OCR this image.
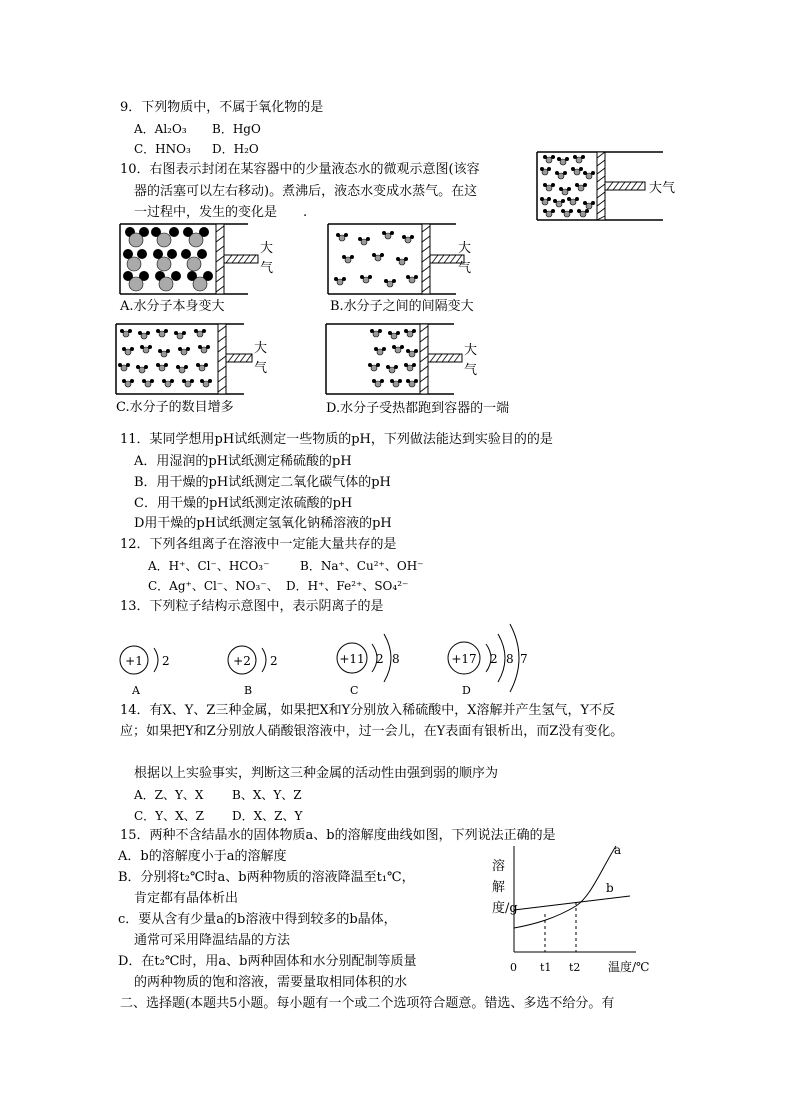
9．下列物质中，不属于氧化物的是
A．Al₂O₃ B．HgO
C．HNO₃ D．H₂O
10．右图表示封闭在某容器中的少量液态水的微观示意图(该容
器的活塞可以左右移动)。煮沸后，液态水变成水蒸气。在这
一过程中，发生的变化是　　.
大气
大
气
A.水分子本身变大
大
气
B.水分子之间的间隔变大
大
气
C.水分子的数目增多
大
气
D.水分子受热都跑到容器的一端
11．某同学想用pH试纸测定一些物质的pH，下列做法能达到实验目的的是
A．用湿润的pH试纸测定稀硫酸的pH
B．用干燥的pH试纸测定二氧化碳气体的pH
C．用干燥的pH试纸测定浓硫酸的pH
D用干燥的pH试纸测定氢氧化钠稀溶液的pH
12．下列各组离子在溶液中一定能大量共存的是
A．H⁺、Cl⁻、HCO₃⁻	B．Na⁺、Cu²⁺、OH⁻
C．Ag⁺、Cl⁻、NO₃⁻、 D．H⁺、Fe²⁺、SO₄²⁻
13．下列粒子结构示意图中，表示阴离子的是
+1 2
A
+2 2
B
+11 2 8
C
+17 2 8 7
D
14．有X、Y、Z三种金属，如果把X和Y分别放入稀硫酸中，X溶解并产生氢气，Y不反
应；如果把Y和Z分别放人硝酸银溶液中，过一会儿，在Y表面有银析出，而Z没有变化。
根据以上实验事实，判断这三种金属的活动性由强到弱的顺序为
A．Z、Y、X B、X、Y、Z
C．Y、X、Z D．X、Z、Y
15．两种不含结晶水的固体物质a、b的溶解度曲线如图，下列说法正确的是
A．b的溶解度小于a的溶解度
B．分别将t₂℃时a、b两种物质的溶液降温至t₁℃，
肯定都有晶体析出
c．要从含有少量a的b溶液中得到较多的b晶体，
通常可采用降温结晶的方法
D．在t₂℃时，用a、b两种固体和水分别配制等质量
的两种物质的饱和溶液，需要量取相同体积的水
溶
解
度/g
a
b
0 t1 t2 温度/℃
二、选择题(本题共5小题。每小题有一个或二个选项符合题意。错选、多选不给分。有
